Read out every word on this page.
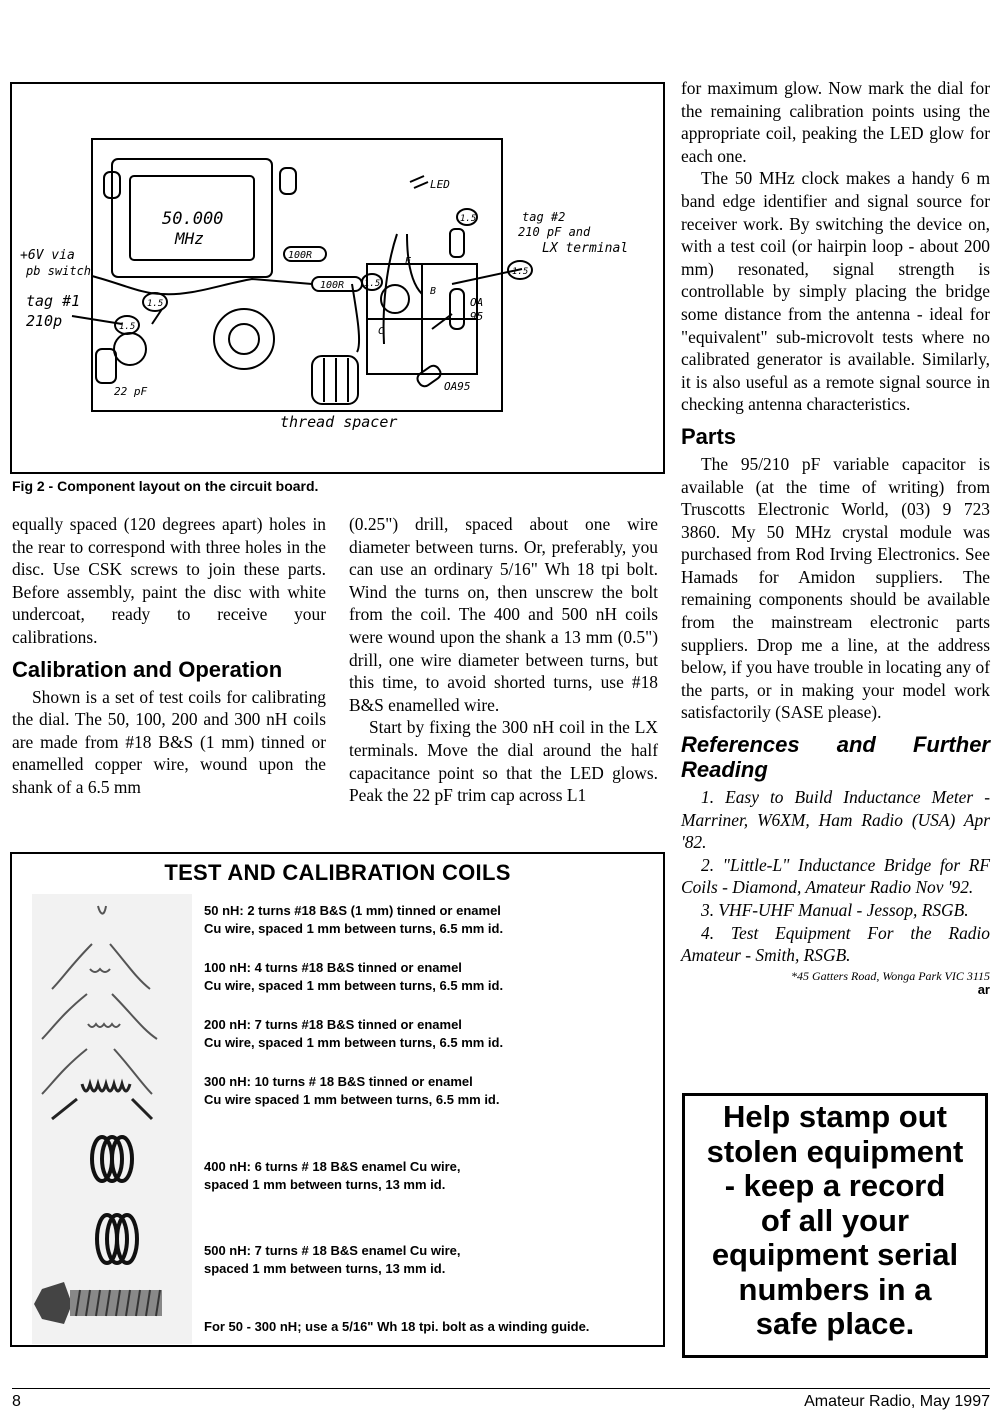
50.000
MHz
+6V via
pb switch
tag #1
210p
tag #2
210 pF and
LX terminal
LED
100R
100R
22 pF
thread spacer
OA
95
OA95
1.5
1.5
1.5
1.5
1.5
E
B
C
Fig 2 - Component layout on the circuit board.

equally spaced (120 degrees apart) holes in the rear to correspond with three holes in the disc. Use CSK screws to join these parts. Before assembly, paint the disc with white undercoat, ready to receive your calibrations.

Calibration and Operation

Shown is a set of test coils for calibrating the dial. The 50, 100, 200 and 300 nH coils are made from #18 B&S (1 mm) tinned or enamelled copper wire, wound upon the shank of a 6.5 mm

(0.25") drill, spaced about one wire diameter between turns. Or, preferably, you can use an ordinary 5/16" Wh 18 tpi bolt. Wind the turns on, then unscrew the bolt from the coil. The 400 and 500 nH coils were wound upon the shank a 13 mm (0.5") drill, one wire diameter between turns, but this time, to avoid shorted turns, use #18 B&S enamelled wire.

Start by fixing the 300 nH coil in the LX terminals. Move the dial around the half capacitance point so that the LED glows. Peak the 22 pF trim cap across L1

for maximum glow. Now mark the dial for the remaining calibration points using the appropriate coil, peaking the LED glow for each one.

The 50 MHz clock makes a handy 6 m band edge identifier and signal source for receiver work. By switching the device on, with a test coil (or hairpin loop - about 200 mm) resonated, signal strength is controllable by simply placing the bridge some distance from the antenna - ideal for "equivalent" sub-microvolt tests where no calibrated generator is available. Similarly, it is also useful as a remote signal source in checking antenna characteristics.

Parts

The 95/210 pF variable capacitor is available (at the time of writing) from Truscotts Electronic World, (03) 9 723 3860. My 50 MHz crystal module was purchased from Rod Irving Electronics. See Hamads for Amidon suppliers. The remaining components should be available from the mainstream electronic parts suppliers. Drop me a line, at the address below, if you have trouble in locating any of the parts, or in making your model work satisfactorily (SASE please).

References and Further Reading

1. Easy to Build Inductance Meter - Marriner, W6XM, Ham Radio (USA) Apr '82.

2. "Little-L" Inductance Bridge for RF Coils - Diamond, Amateur Radio Nov '92.

3. VHF-UHF Manual - Jessop, RSGB.

4. Test Equipment For the Radio Amateur - Smith, RSGB.

*45 Gatters Road, Wonga Park VIC 3115
ar
TEST AND CALIBRATION COILS
50 nH: 2 turns #18 B&S (1 mm) tinned or enamel
Cu wire, spaced 1 mm between turns, 6.5 mm id.
100 nH: 4 turns #18 B&S tinned or enamel
Cu wire, spaced 1 mm between turns, 6.5 mm id.
200 nH: 7 turns #18 B&S tinned or enamel
Cu wire, spaced 1 mm between turns, 6.5 mm id.
300 nH: 10 turns # 18 B&S tinned or enamel
Cu wire spaced 1 mm between turns, 6.5 mm id.
400 nH: 6 turns # 18 B&S enamel Cu wire,
spaced 1 mm between turns, 13 mm id.
500 nH: 7 turns # 18 B&S enamel Cu wire,
spaced 1 mm between turns, 13 mm id.
For 50 - 300 nH; use a 5/16" Wh 18 tpi. bolt as a winding guide.
Help stamp out
stolen equipment
- keep a record
of all your
equipment serial
numbers in a
safe place.
8	Amateur Radio, May 1997
